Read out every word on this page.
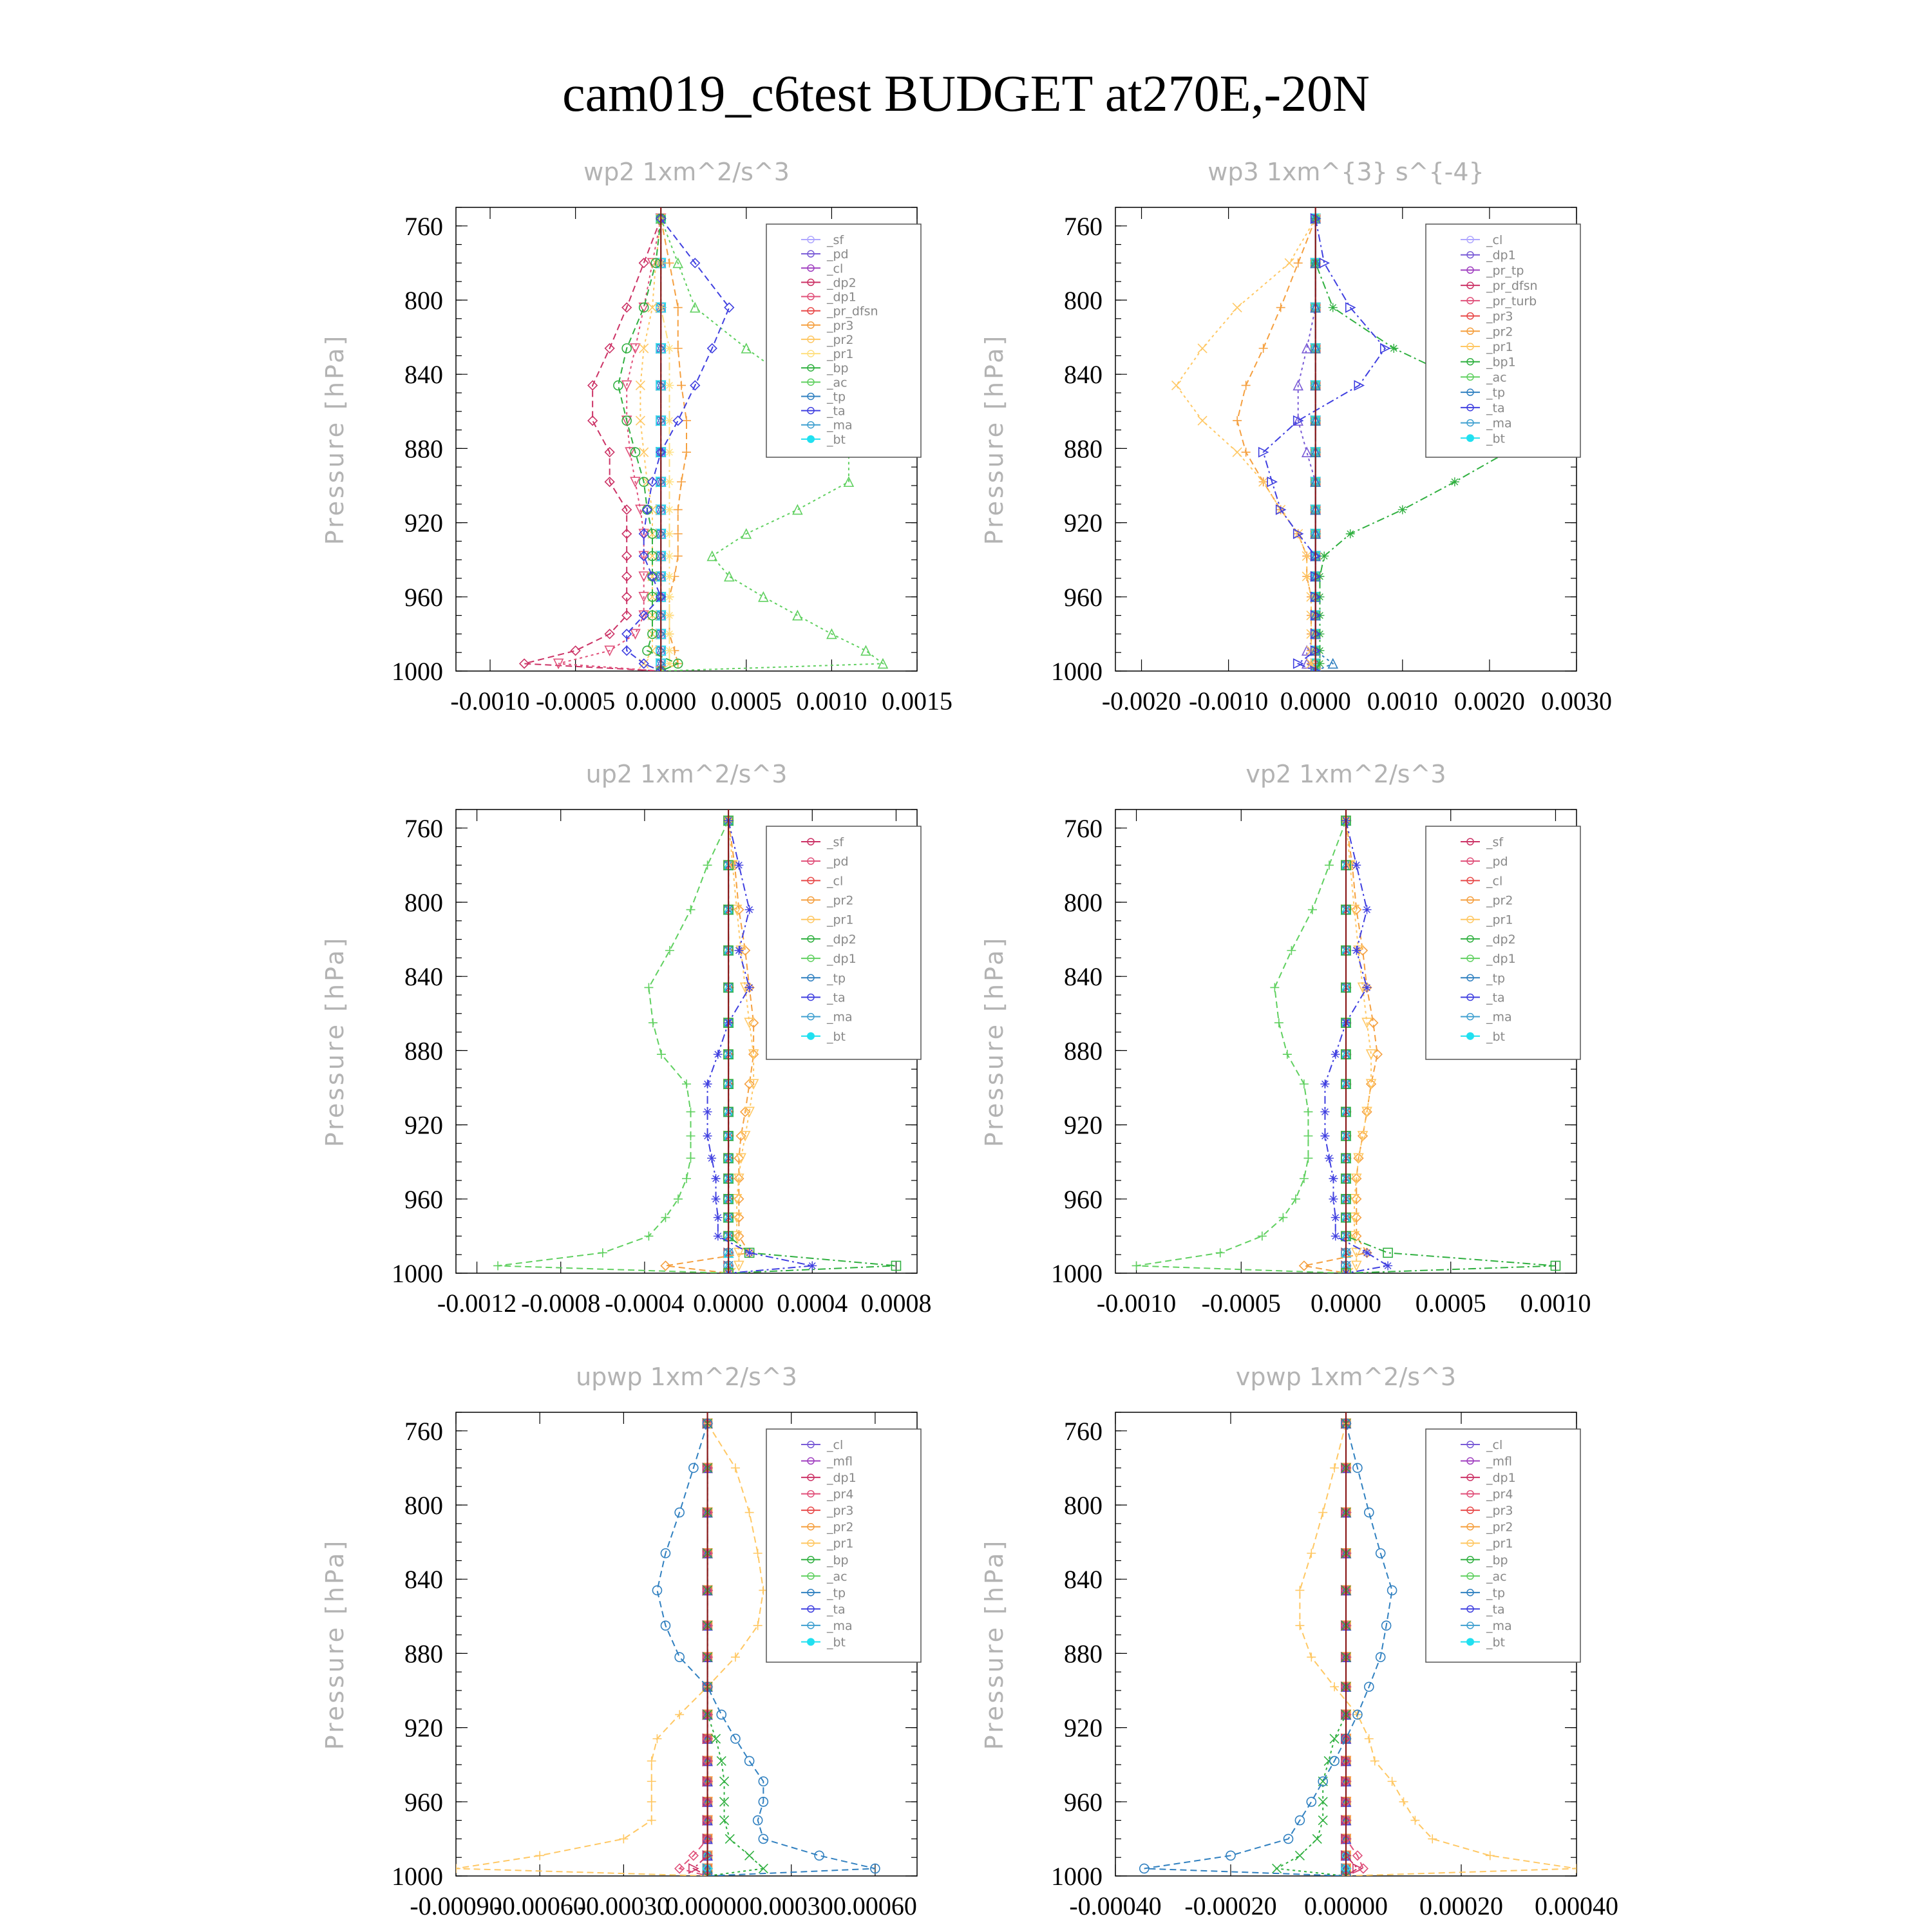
cam019_c6test BUDGET at270E,-20N
wp2 1xm^2/s^3
Pressure [hPa]
760
800
840
880
920
960
1000
-0.0010 -0.0005 0.0000 0.0005 0.0010 0.0015
_sf
_pd
_cl
_dp2
_dp1
_pr_dfsn
_pr3
_pr2
_pr1
_bp
_ac
_tp
_ta
_ma
_bt
wp3 1xm^{3} s^{-4}
Pressure [hPa]
760
800
840
880
920
960
1000
-0.0020 -0.0010 0.0000 0.0010 0.0020 0.0030
_cl
_dp1
_pr_tp
_pr_dfsn
_pr_turb
_pr3
_pr2
_pr1
_bp1
_ac
_tp
_ta
_ma
_bt
up2 1xm^2/s^3
Pressure [hPa]
760
800
840
880
920
960
1000
-0.0012 -0.0008 -0.0004 0.0000 0.0004 0.0008
_sf
_pd
_cl
_pr2
_pr1
_dp2
_dp1
_tp
_ta
_ma
_bt
vp2 1xm^2/s^3
Pressure [hPa]
760
800
840
880
920
960
1000
-0.0010 -0.0005 0.0000 0.0005 0.0010
_sf
_pd
_cl
_pr2
_pr1
_dp2
_dp1
_tp
_ta
_ma
_bt
upwp 1xm^2/s^3
Pressure [hPa]
760
800
840
880
920
960
1000
-0.00090
-0.00060
-0.00030
0.00000 0.00030 0.00060
_cl
_mfl
_dp1
_pr4
_pr3
_pr2
_pr1
_bp
_ac
_tp
_ta
_ma
_bt
vpwp 1xm^2/s^3
Pressure [hPa]
760
800
840
880
920
960
1000
-0.00040 -0.00020 0.00000 0.00020 0.00040
_cl
_mfl
_dp1
_pr4
_pr3
_pr2
_pr1
_bp
_ac
_tp
_ta
_ma
_bt
